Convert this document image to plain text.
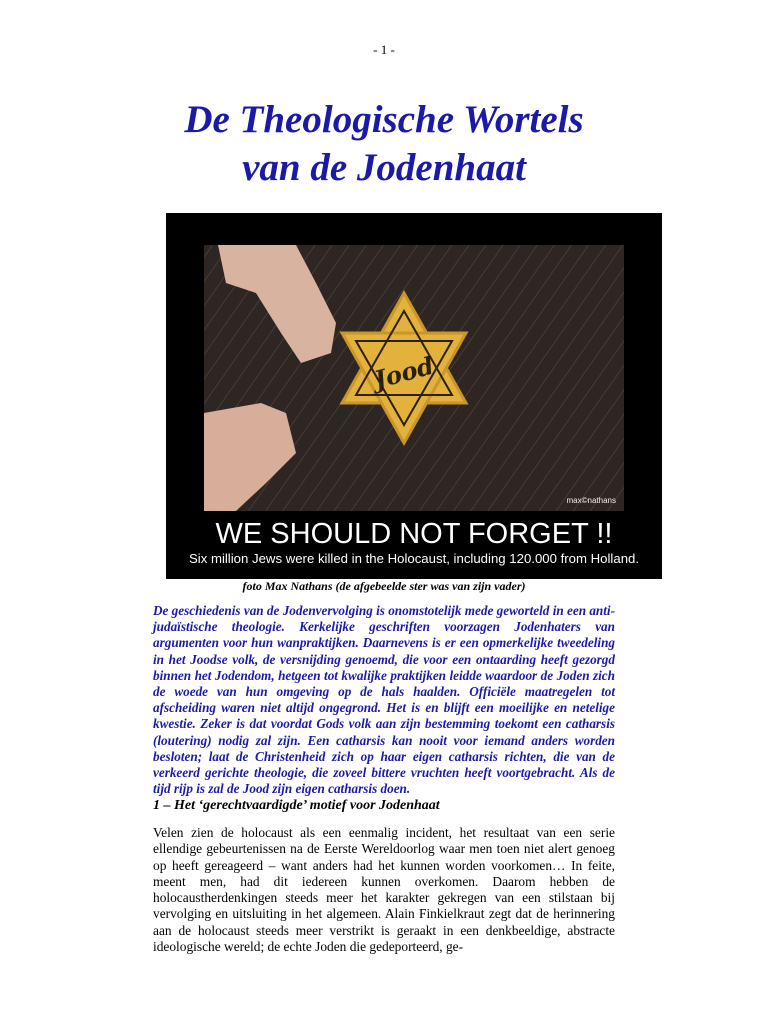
- 1 -
De Theologische Wortels
van de Jodenhaat
Jood
max©nathans
WE SHOULD NOT FORGET !!
Six million Jews were killed in the Holocaust, including 120.000 from Holland.
foto Max Nathans (de afgebeelde ster was van zijn vader)

De geschiedenis van de Jodenvervolging is onomstotelijk mede geworteld in een anti-judaïstische theologie. Kerkelijke geschriften voorzagen Jodenhaters van argumenten voor hun wanpraktijken. Daarnevens is er een opmerkelijke tweedeling in het Joodse volk, de versnijding genoemd, die voor een ontaarding heeft gezorgd binnen het Jodendom, hetgeen tot kwalijke praktijken leidde waardoor de Joden zich de woede van hun omgeving op de hals haalden. Officiële maatregelen tot afscheiding waren niet altijd ongegrond. Het is en blijft een moeilijke en netelige kwestie. Zeker is dat voordat Gods volk aan zijn bestemming toekomt een catharsis (loutering) nodig zal zijn. Een catharsis kan nooit voor iemand anders worden besloten; laat de Christenheid zich op haar eigen catharsis richten, die van de verkeerd gerichte theologie, die zoveel bittere vruchten heeft voortgebracht. Als de tijd rijp is zal de Jood zijn eigen catharsis doen.

1 – Het ‘gerechtvaardigde’ motief voor Jodenhaat

Velen zien de holocaust als een eenmalig incident, het resultaat van een serie ellendige gebeurtenissen na de Eerste Wereldoorlog waar men toen niet alert genoeg op heeft gereageerd – want anders had het kunnen worden voorkomen… In feite, meent men, had dit iedereen kunnen overkomen. Daarom hebben de holocaustherdenkingen steeds meer het karakter gekregen van een stilstaan bij vervolging en uitsluiting in het algemeen. Alain Finkielkraut zegt dat de herinnering aan de holocaust steeds meer verstrikt is geraakt in een denkbeeldige, abstracte ideologische wereld; de echte Joden die gedeporteerd, ge-
